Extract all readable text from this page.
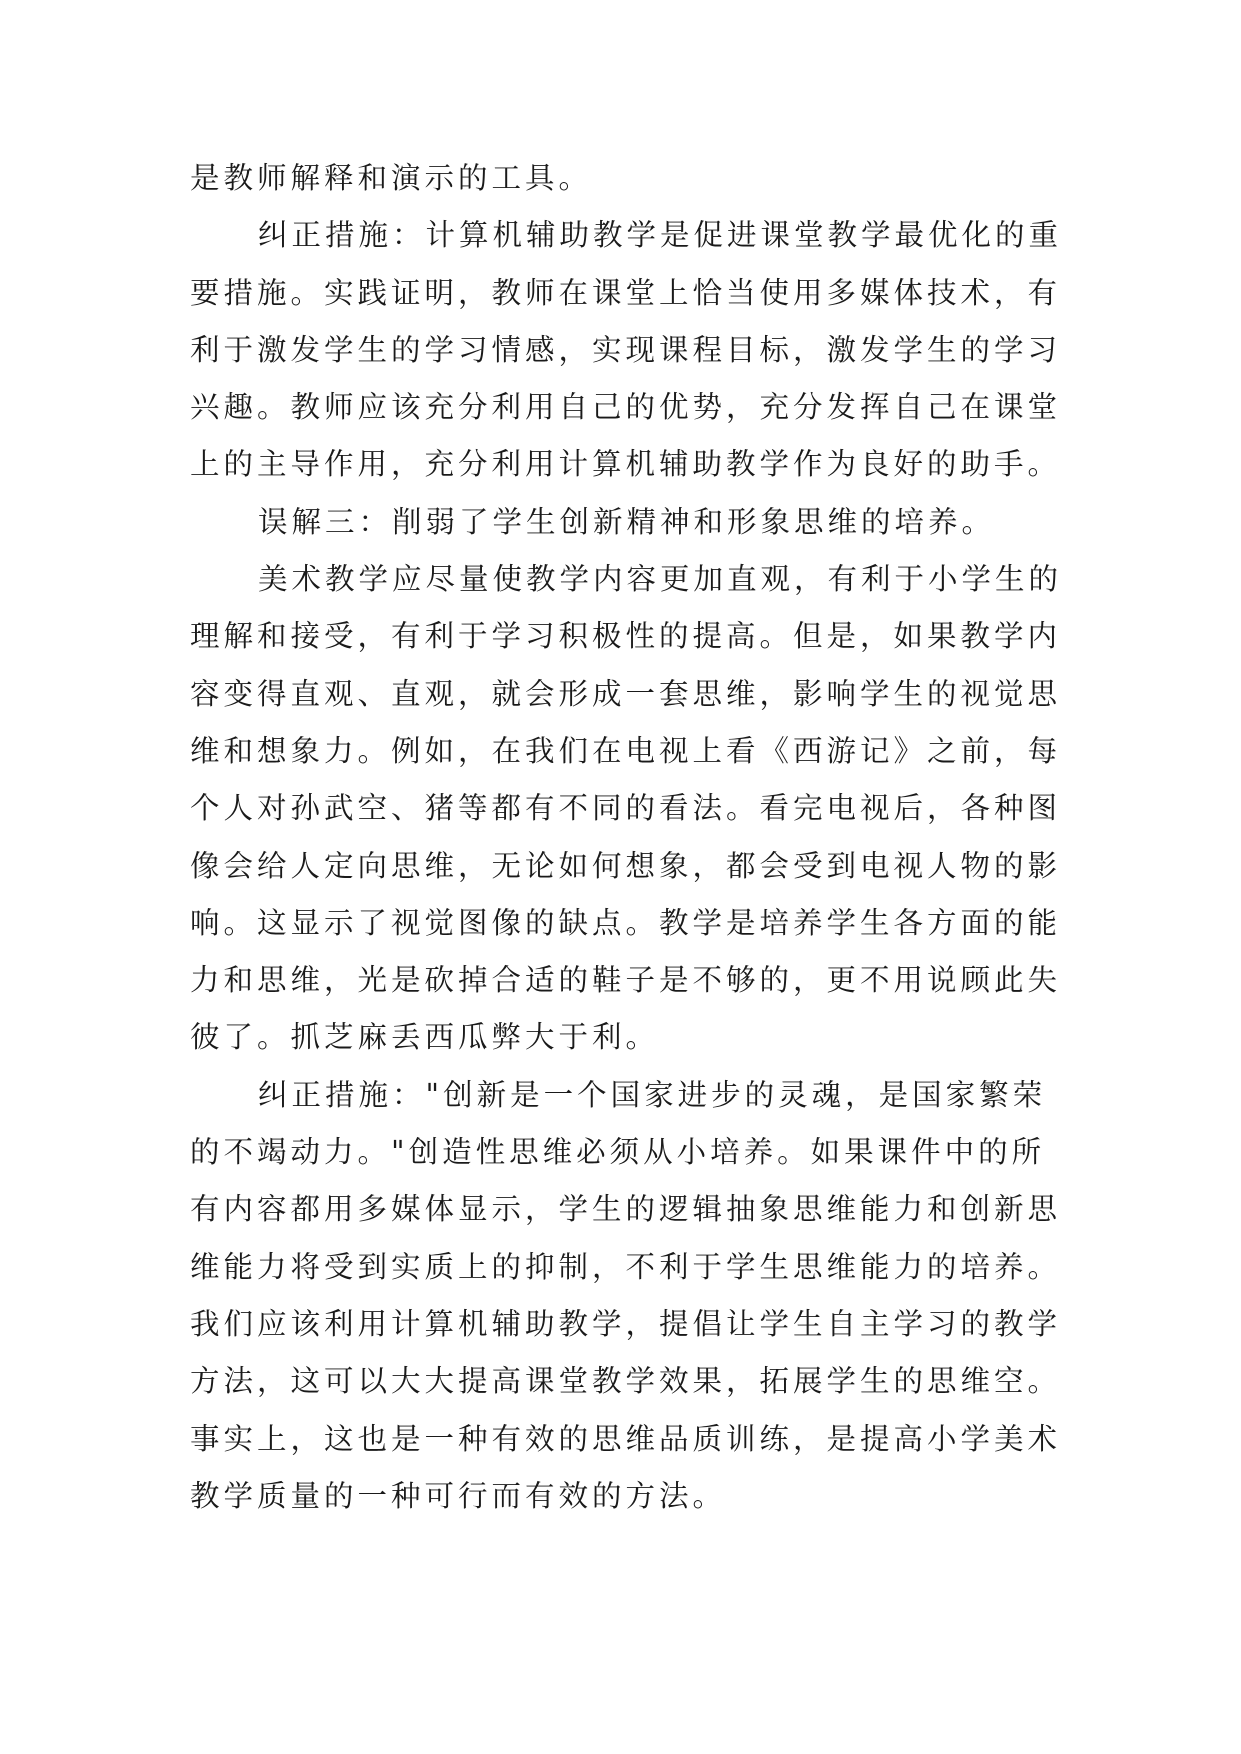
是教师解释和演示的工具。
纠正措施：计算机辅助教学是促进课堂教学最优化的重
要措施。实践证明，教师在课堂上恰当使用多媒体技术，有
利于激发学生的学习情感，实现课程目标，激发学生的学习
兴趣。教师应该充分利用自己的优势，充分发挥自己在课堂
上的主导作用，充分利用计算机辅助教学作为良好的助手。
误解三：削弱了学生创新精神和形象思维的培养。
美术教学应尽量使教学内容更加直观，有利于小学生的
理解和接受，有利于学习积极性的提高。但是，如果教学内
容变得直观、直观，就会形成一套思维，影响学生的视觉思
维和想象力。例如，在我们在电视上看《西游记》之前，每
个人对孙武空、猪等都有不同的看法。看完电视后，各种图
像会给人定向思维，无论如何想象，都会受到电视人物的影
响。这显示了视觉图像的缺点。教学是培养学生各方面的能
力和思维，光是砍掉合适的鞋子是不够的，更不用说顾此失
彼了。抓芝麻丢西瓜弊大于利。
纠正措施："创新是一个国家进步的灵魂，是国家繁荣
的不竭动力。"创造性思维必须从小培养。如果课件中的所
有内容都用多媒体显示，学生的逻辑抽象思维能力和创新思
维能力将受到实质上的抑制，不利于学生思维能力的培养。
我们应该利用计算机辅助教学，提倡让学生自主学习的教学
方法，这可以大大提高课堂教学效果，拓展学生的思维空。
事实上，这也是一种有效的思维品质训练，是提高小学美术
教学质量的一种可行而有效的方法。
